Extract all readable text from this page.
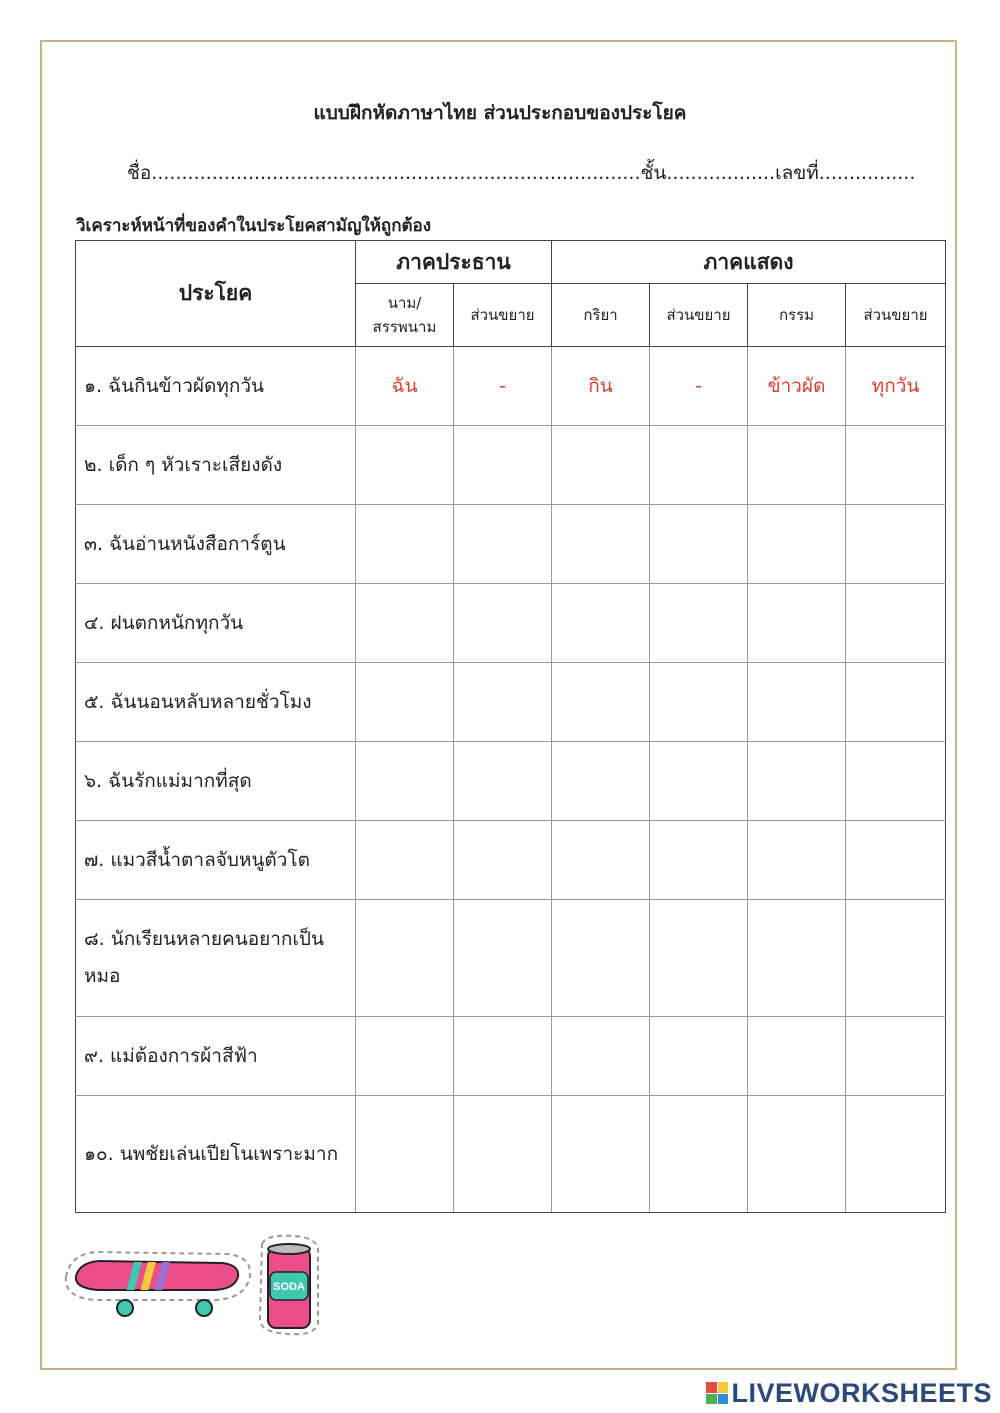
แบบฝึกหัดภาษาไทย ส่วนประกอบของประโยค
ชื่อ.................................................................................ชั้น..................เลขที่................
วิเคราะห์หน้าที่ของคำในประโยคสามัญให้ถูกต้อง
ประโยค	ภาคประธาน		ภาคแสดง			
	นาม/ สรรพนาม	ส่วนขยาย	กริยา	ส่วนขยาย	กรรม	ส่วนขยาย
๑. ฉันกินข้าวผัดทุกวัน	ฉัน	-	กิน	-	ข้าวผัด	ทุกวัน
๒. เด็ก ๆ หัวเราะเสียงดัง						
๓. ฉันอ่านหนังสือการ์ตูน						
๔. ฝนตกหนักทุกวัน						
๕. ฉันนอนหลับหลายชั่วโมง						
๖. ฉันรักแม่มากที่สุด						
๗. แมวสีน้ำตาลจับหนูตัวโต						
๘. นักเรียนหลายคนอยากเป็นหมอ						
๙. แม่ต้องการผ้าสีฟ้า						
๑๐. นพชัยเล่นเปียโนเพราะมาก						
SODA
LIVEWORKSHEETS
